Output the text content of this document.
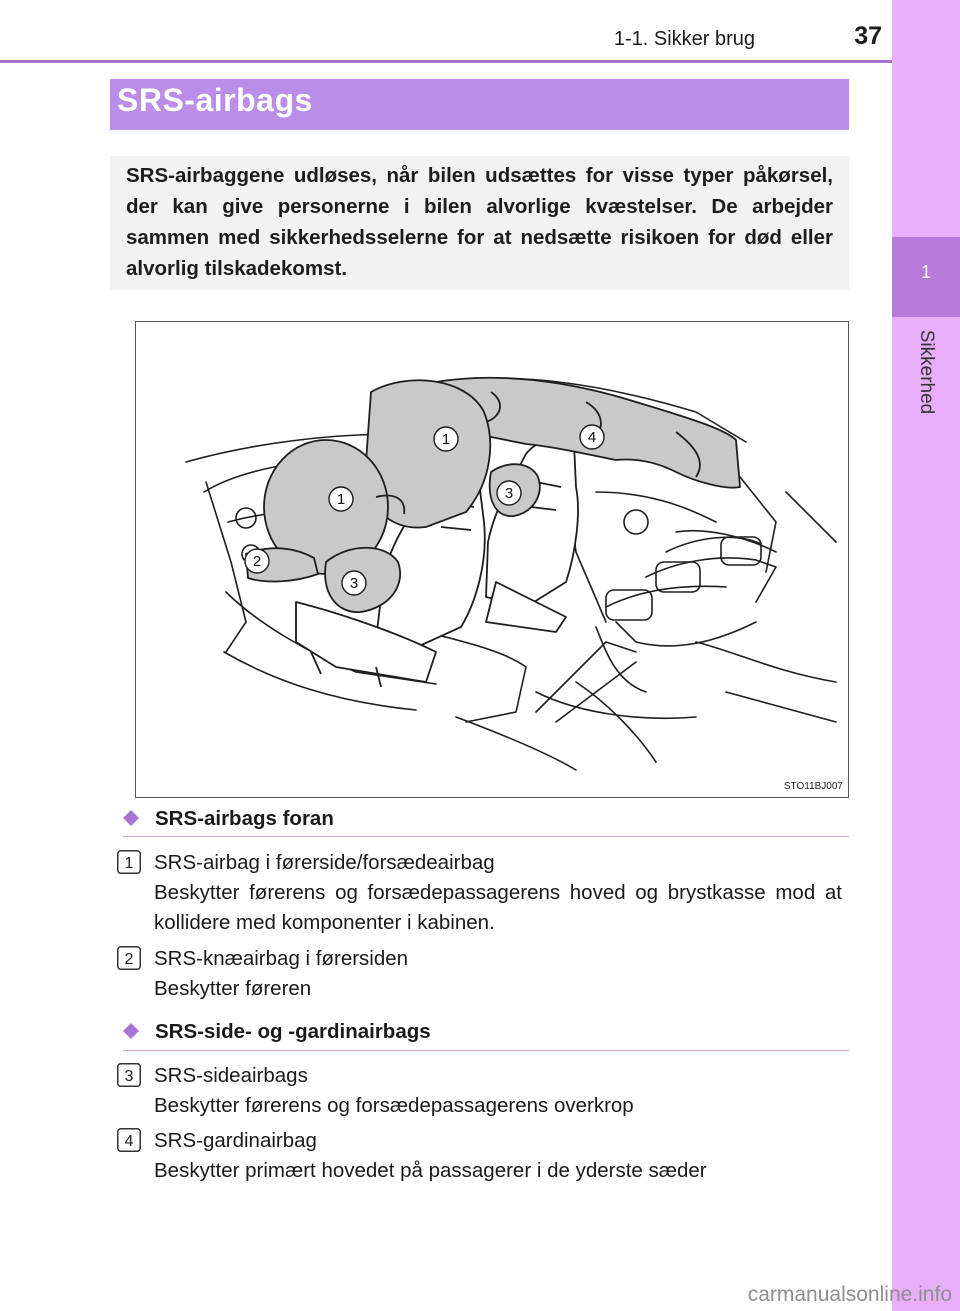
1-1. Sikker brug	37
1
Sikkerhed
SRS-airbags
SRS-airbaggene udløses, når bilen udsættes for visse typer påkørsel, der kan give personerne i bilen alvorlige kvæstelser. De arbejder sammen med sikkerhedsselerne for at nedsætte risikoen for død eller alvorlig tilskadekomst.
1
1
2
3
3
4
STO11BJ007
SRS-airbags foran
1 SRS-airbag i førerside/forsædeairbag
Beskytter førerens og forsædepassagerens hoved og brystkasse mod at kollidere med komponenter i kabinen.
2 SRS-knæairbag i førersiden
Beskytter føreren
SRS-side- og -gardinairbags
3 SRS-sideairbags
Beskytter førerens og forsædepassagerens overkrop
4 SRS-gardinairbag
Beskytter primært hovedet på passagerer i de yderste sæder
carmanualsonline.info
